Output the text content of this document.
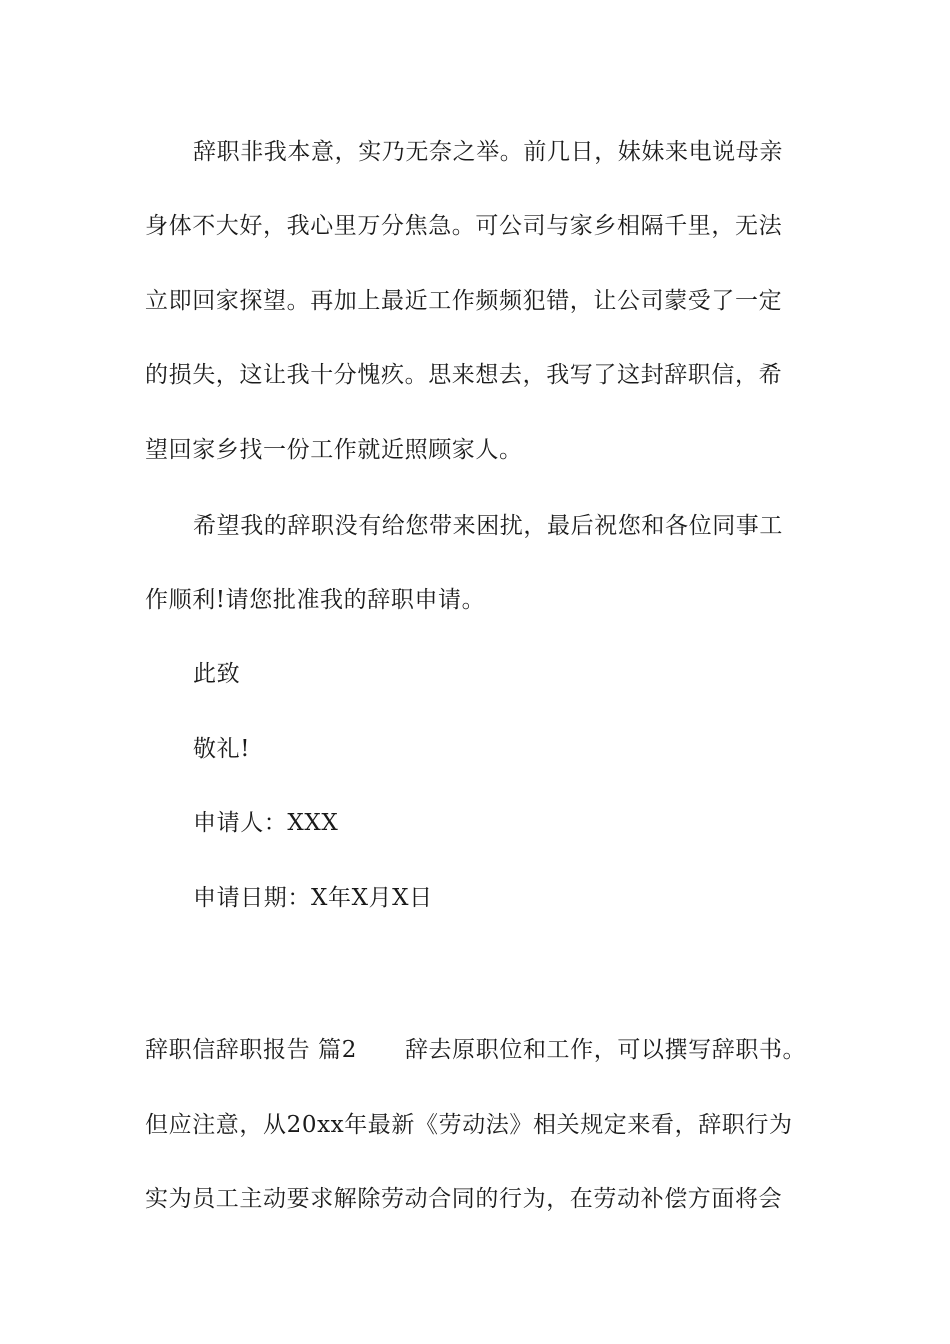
辞职非我本意，实乃无奈之举。前几日，妹妹来电说母亲

身体不大好，我心里万分焦急。可公司与家乡相隔千里，无法

立即回家探望。再加上最近工作频频犯错，让公司蒙受了一定

的损失，这让我十分愧疚。思来想去，我写了这封辞职信，希

望回家乡找一份工作就近照顾家人。

希望我的辞职没有给您带来困扰，最后祝您和各位同事工

作顺利!请您批准我的辞职申请。

此致

敬礼!

申请人：XXX

申请日期：X年X月X日

辞职信辞职报告 篇2 辞去原职位和工作，可以撰写辞职书。

但应注意，从20xx年最新《劳动法》相关规定来看，辞职行为

实为员工主动要求解除劳动合同的行为，在劳动补偿方面将会
